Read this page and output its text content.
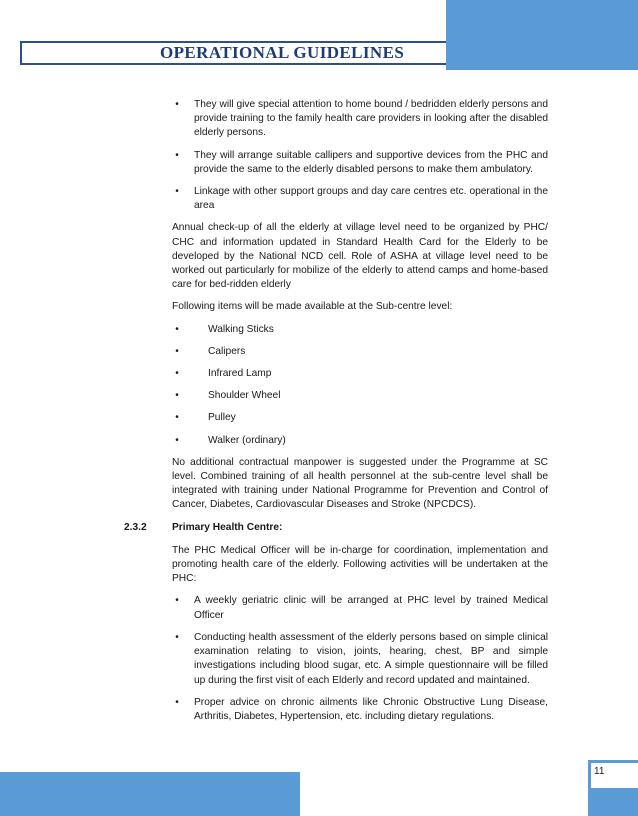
OPERATIONAL GUIDELINES
•	They will give special attention to home bound / bedridden elderly persons and provide training to the family health care providers in looking after the disabled elderly persons.
•	They will arrange suitable callipers and supportive devices from the PHC and provide the same to the elderly disabled persons to make them ambulatory.
•	Linkage with other support groups and day care centres etc. operational in the area

Annual check-up of all the elderly at village level need to be organized by PHC/ CHC and information updated in Standard Health Card for the Elderly to be developed by the National NCD cell. Role of ASHA at village level need to be worked out particularly for mobilize of the elderly to attend camps and home-based care for bed-ridden elderly

Following items will be made available at the Sub-centre level:

•	Walking Sticks
•	Calipers
•	Infrared Lamp
•	Shoulder Wheel
•	Pulley
•	Walker (ordinary)

No additional contractual manpower is suggested under the Programme at SC level. Combined training of all health personnel at the sub-centre level shall be integrated with training under National Programme for Prevention and Control of Cancer, Diabetes, Cardiovascular Diseases and Stroke (NPCDCS).

2.3.2 Primary Health Centre:

The PHC Medical Officer will be in-charge for coordination, implementation and promoting health care of the elderly. Following activities will be undertaken at the PHC:

•	A weekly geriatric clinic will be arranged at PHC level by trained Medical Officer
•	Conducting health assessment of the elderly persons based on simple clinical examination relating to vision, joints, hearing, chest, BP and simple investigations including blood sugar, etc. A simple questionnaire will be filled up during the first visit of each Elderly and record updated and maintained.
•	Proper advice on chronic ailments like Chronic Obstructive Lung Disease, Arthritis, Diabetes, Hypertension, etc. including dietary regulations.
11
